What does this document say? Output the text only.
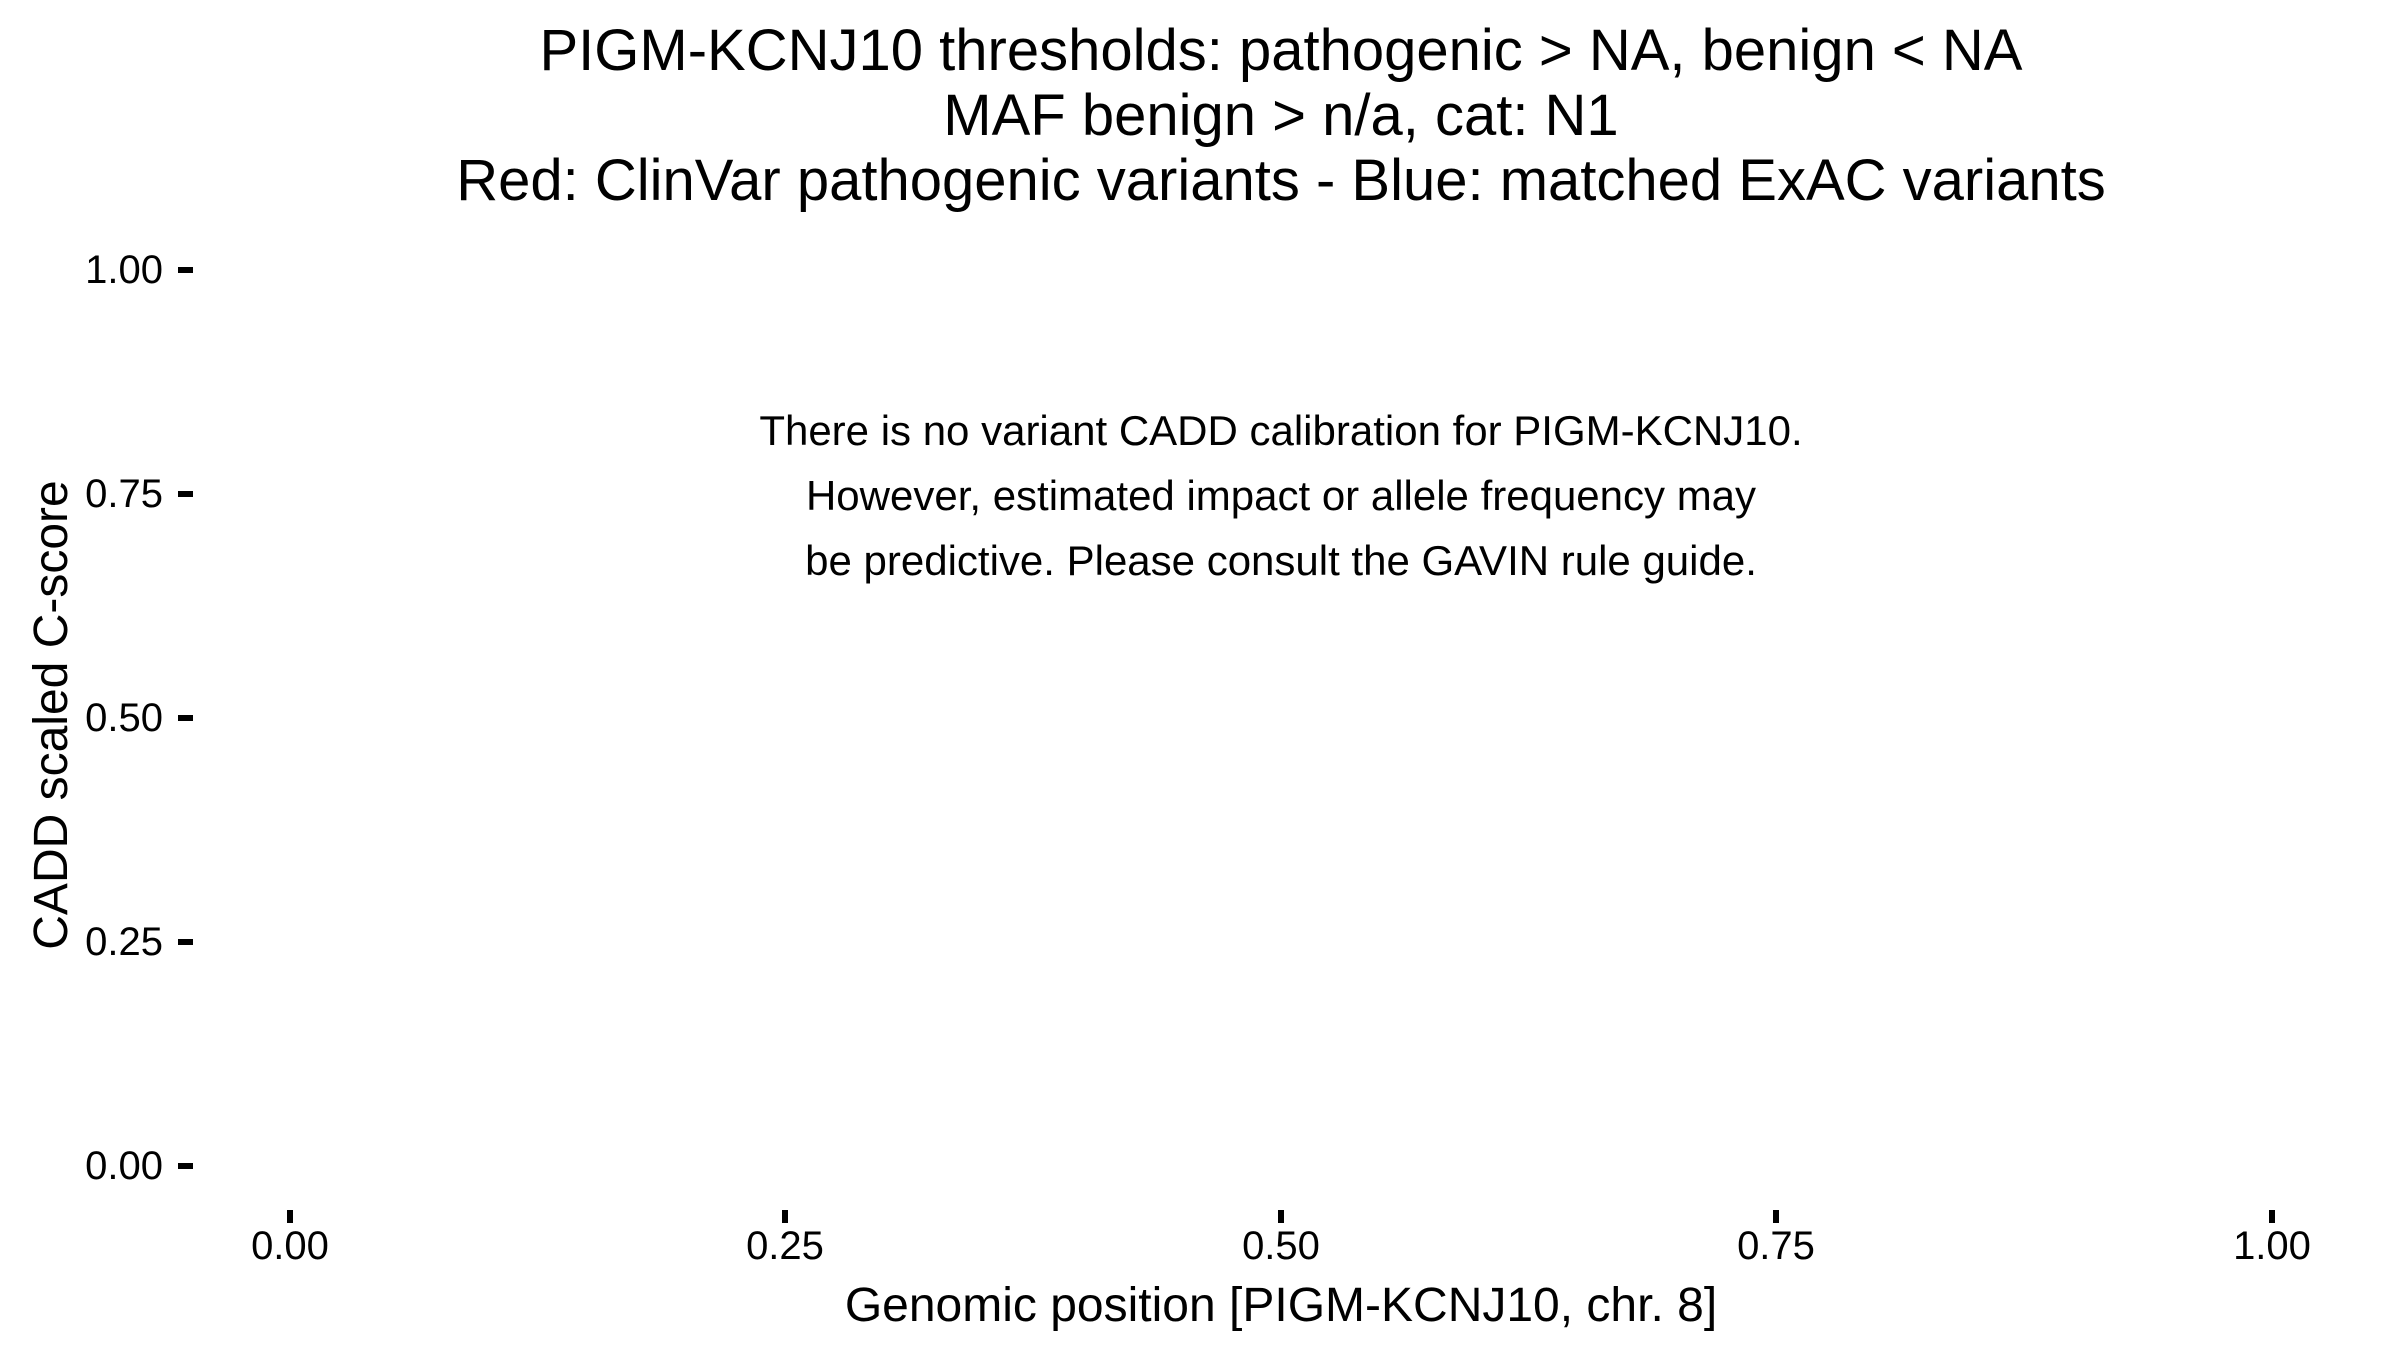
PIGM-KCNJ10 thresholds: pathogenic > NA, benign < NA
MAF benign > n/a, cat: N1
Red: ClinVar pathogenic variants - Blue: matched ExAC variants
There is no variant CADD calibration for PIGM-KCNJ10.
However, estimated impact or allele frequency may
be predictive. Please consult the GAVIN rule guide.
CADD scaled C-score
1.00
0.75
0.50
0.25
0.00
0.00	0.25	0.50	0.75	1.00
Genomic position [PIGM-KCNJ10, chr. 8]
